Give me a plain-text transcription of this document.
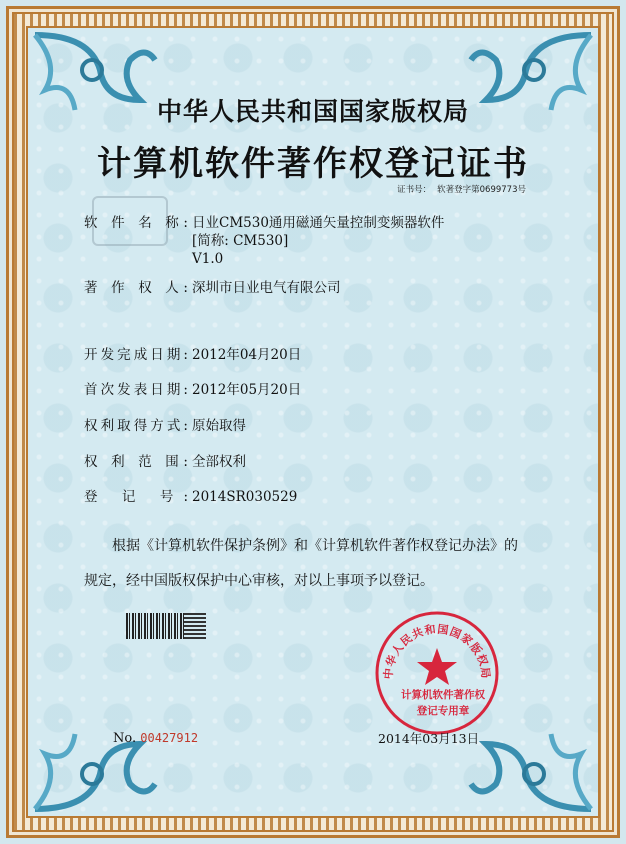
中华人民共和国国家版权局
计算机软件著作权登记证书
证书号： 软著登字第0699773号
软 件 名 称: 日业CM530通用磁通矢量控制变频器软件
[简称: CM530]
V1.0
著 作 权 人: 深圳市日业电气有限公司
开发完成日期: 2012年04月20日
首次发表日期: 2012年05月20日
权利取得方式: 原始取得
权 利 范 围: 全部权利
登 记 号: 2014SR030529
根据《计算机软件保护条例》和《计算机软件著作权登记办法》的
规定，经中国版权保护中心审核，对以上事项予以登记。
No. 00427912
中华人民共和国国家版权局
计算机软件著作权
登记专用章
2014年03月13日
